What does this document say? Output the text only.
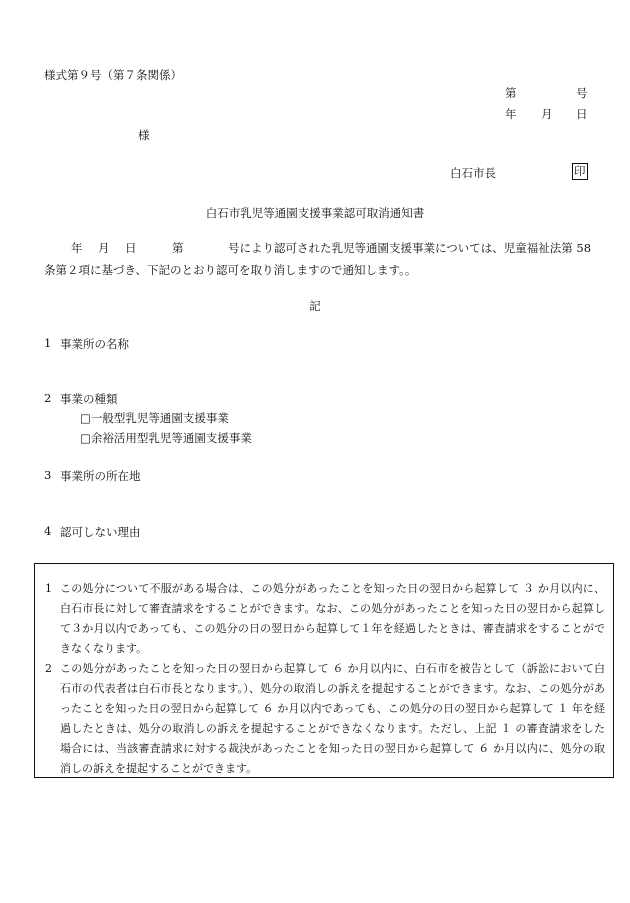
様式第９号（第７条関係）
第	号
年 月 日
様
白石市長	印
白石市乳児等通園支援事業認可取消通知書
年 月 日	第	号により認可された乳児等通園支援事業については、児童福祉法第 58
条第２項に基づき、下記のとおり認可を取り消しますので通知します。。
記
1 事業所の名称
2 事業の種類
□一般型乳児等通園支援事業
□余裕活用型乳児等通園支援事業
3 事業所の所在地
4 認可しない理由
1 この処分について不服がある場合は、この処分があったことを知った日の翌日から起算して ３ か月以内に、白石市長に対して審査請求をすることができます。なお、この処分があったことを知った日の翌日から起算して３か月以内であっても、この処分の日の翌日から起算して１年を経過したときは、審査請求をすることができなくなります。
2 この処分があったことを知った日の翌日から起算して ６ か月以内に、白石市を被告として（訴訟において白石市の代表者は白石市長となります。）、処分の取消しの訴えを提起することができます。なお、この処分があったことを知った日の翌日から起算して ６ か月以内であっても、この処分の日の翌日から起算して １ 年を経過したときは、処分の取消しの訴えを提起することができなくなります。ただし、上記 １ の審査請求をした場合には、当該審査請求に対する裁決があったことを知った日の翌日から起算して ６ か月以内に、処分の取消しの訴えを提起することができます。
